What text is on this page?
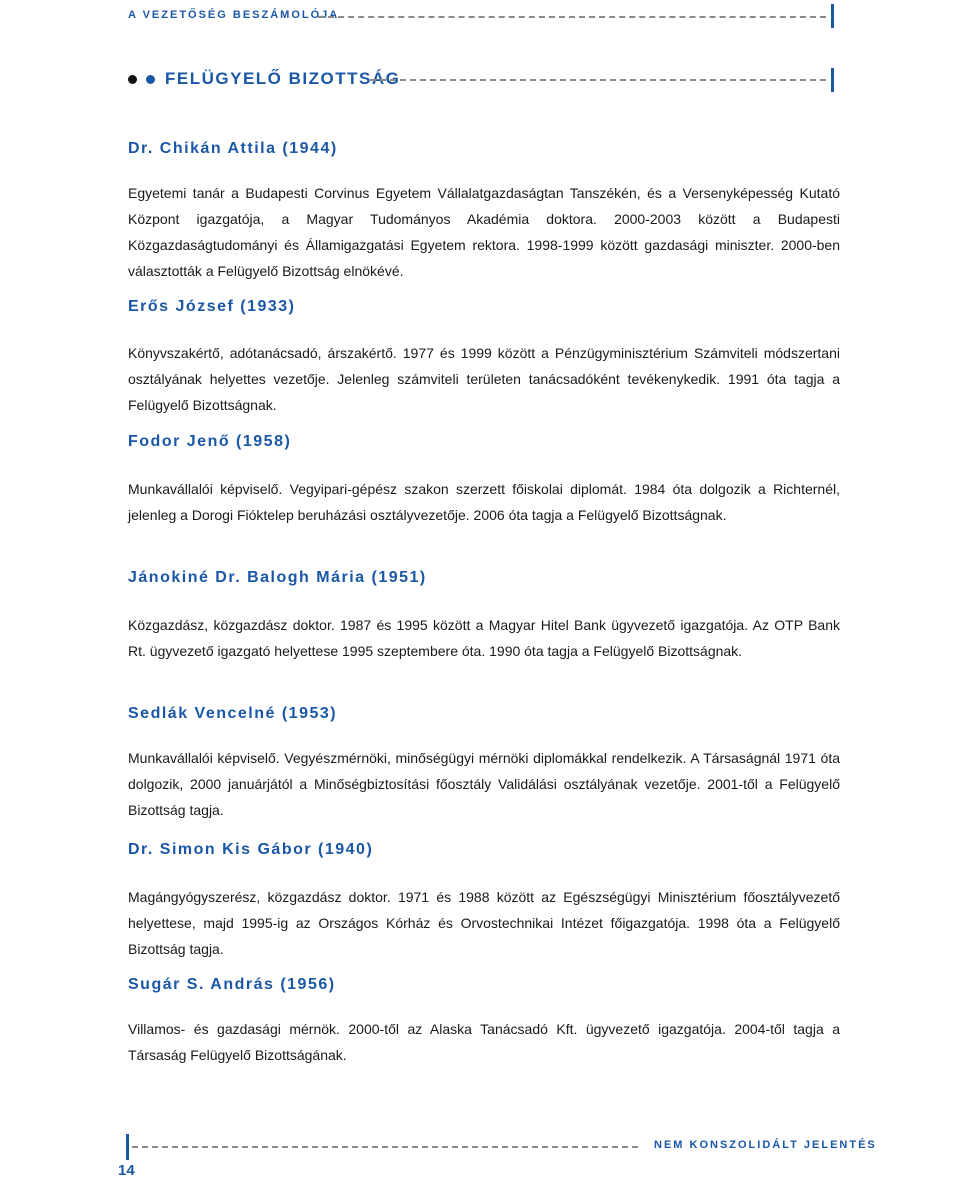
A VEZETŐSÉG BESZÁMOLÓJA
FELÜGYELŐ BIZOTTSÁG
Dr. Chikán Attila (1944)

Egyetemi tanár a Budapesti Corvinus Egyetem Vállalatgazdaságtan Tanszékén, és a Versenyképesség Kutató Központ igazgatója, a Magyar Tudományos Akadémia doktora. 2000-2003 között a Budapesti Közgazdaságtudományi és Államigazgatási Egyetem rektora. 1998-1999 között gazdasági miniszter. 2000-ben választották a Felügyelő Bizottság elnökévé.

Erős József (1933)

Könyvszakértő, adótanácsadó, árszakértő. 1977 és 1999 között a Pénzügyminisztérium Számviteli módszertani osztályának helyettes vezetője. Jelenleg számviteli területen tanácsadóként tevékenykedik. 1991 óta tagja a Felügyelő Bizottságnak.

Fodor Jenő (1958)

Munkavállalói képviselő. Vegyipari-gépész szakon szerzett főiskolai diplomát. 1984 óta dolgozik a Richternél, jelenleg a Dorogi Fióktelep beruházási osztályvezetője. 2006 óta tagja a Felügyelő Bizottságnak.

Jánokiné Dr. Balogh Mária (1951)

Közgazdász, közgazdász doktor. 1987 és 1995 között a Magyar Hitel Bank ügyvezető igazgatója. Az OTP Bank Rt. ügyvezető igazgató helyettese 1995 szeptembere óta. 1990 óta tagja a Felügyelő Bizottságnak.

Sedlák Vencelné (1953)

Munkavállalói képviselő. Vegyészmérnöki, minőségügyi mérnöki diplomákkal rendelkezik. A Társaságnál 1971 óta dolgozik, 2000 januárjától a Minőségbiztosítási főosztály Validálási osztályának vezetője. 2001-től a Felügyelő Bizottság tagja.

Dr. Simon Kis Gábor (1940)

Magángyógyszerész, közgazdász doktor. 1971 és 1988 között az Egészségügyi Minisztérium főosztályvezető helyettese, majd 1995-ig az Országos Kórház és Orvostechnikai Intézet főigazgatója. 1998 óta a Felügyelő Bizottság tagja.

Sugár S. András (1956)

Villamos- és gazdasági mérnök. 2000-től az Alaska Tanácsadó Kft. ügyvezető igazgatója. 2004-től tagja a Társaság Felügyelő Bizottságának.

NEM KONSZOLIDÁLT JELENTÉS
14
